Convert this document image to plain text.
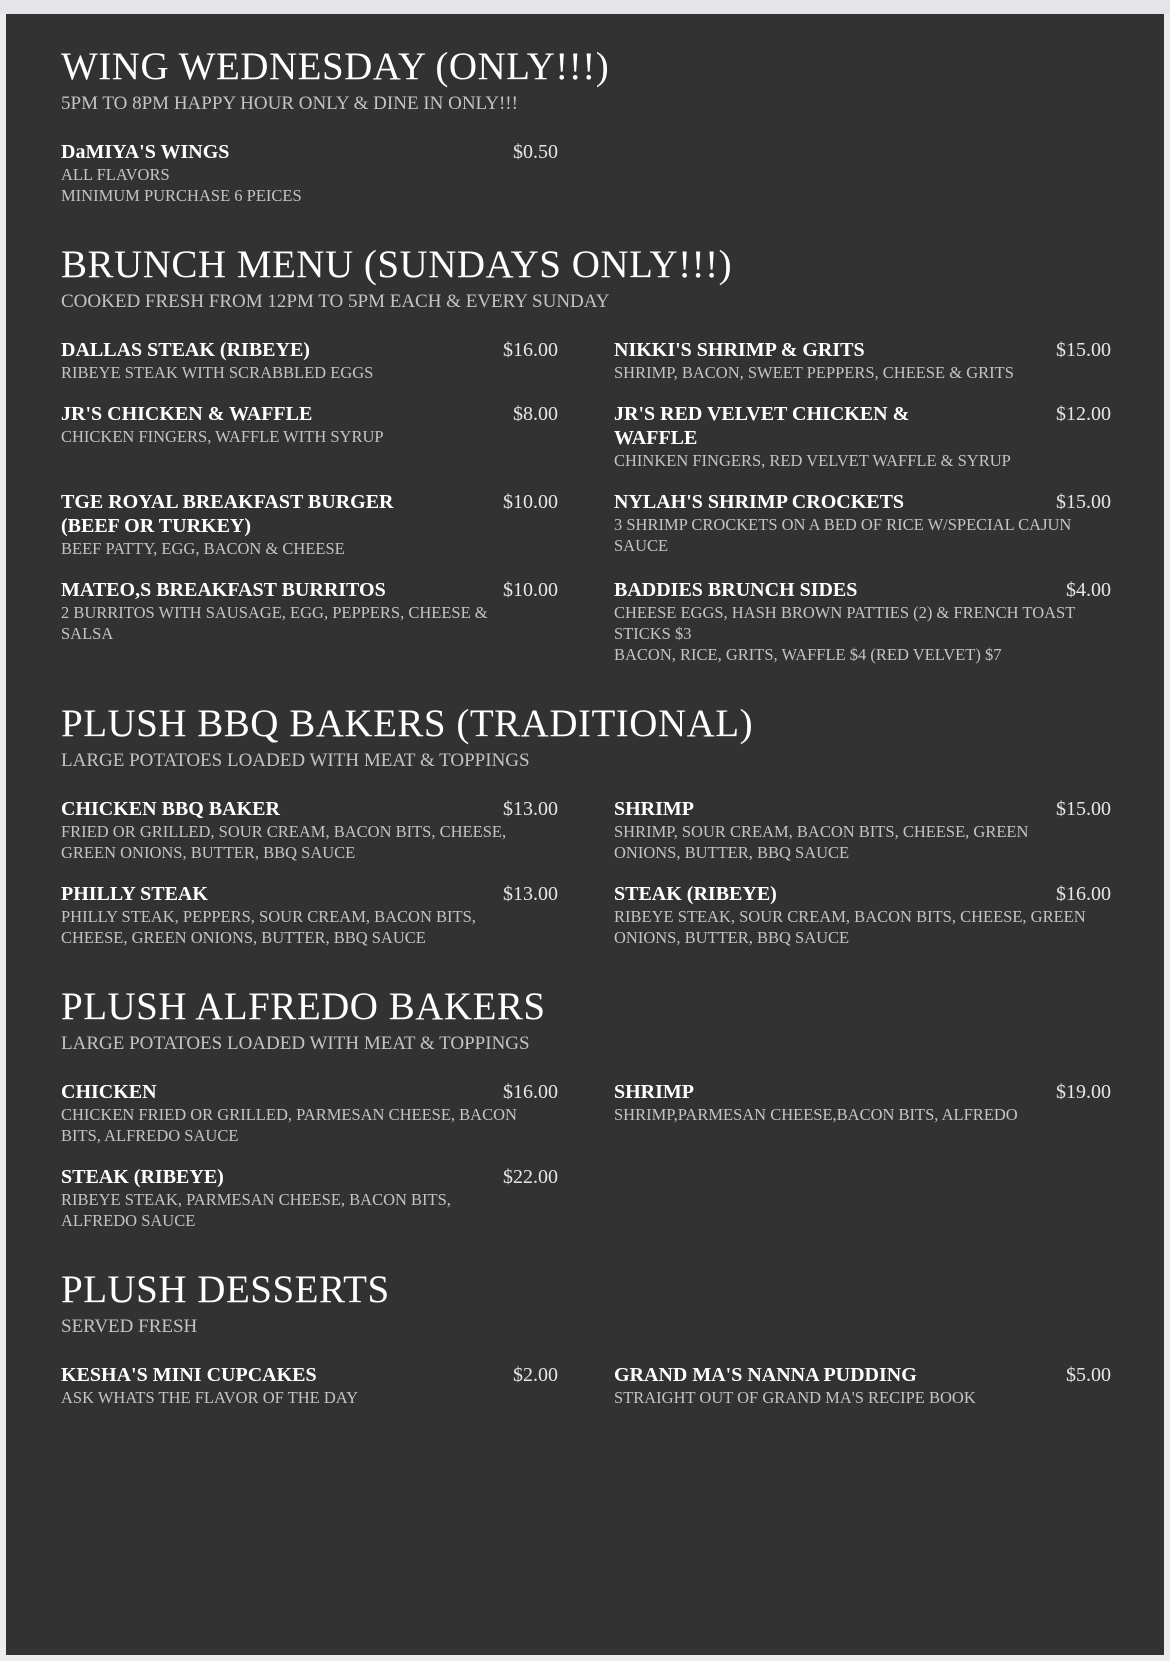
WING WEDNESDAY (ONLY!!!)
5PM TO 8PM HAPPY HOUR ONLY & DINE IN ONLY!!!
DaMIYA'S WINGS	$0.50
ALL FLAVORS
MINIMUM PURCHASE 6 PEICES
BRUNCH MENU (SUNDAYS ONLY!!!)
COOKED FRESH FROM 12PM TO 5PM EACH & EVERY SUNDAY
DALLAS STEAK (RIBEYE)	$16.00
RIBEYE STEAK WITH SCRABBLED EGGS
NIKKI'S SHRIMP & GRITS	$15.00
SHRIMP, BACON, SWEET PEPPERS, CHEESE & GRITS
JR'S CHICKEN & WAFFLE	$8.00
CHICKEN FINGERS, WAFFLE WITH SYRUP
JR'S RED VELVET CHICKEN & WAFFLE
$12.00
CHINKEN FINGERS, RED VELVET WAFFLE & SYRUP
TGE ROYAL BREAKFAST BURGER (BEEF OR TURKEY)
$10.00
BEEF PATTY, EGG, BACON & CHEESE
NYLAH'S SHRIMP CROCKETS	$15.00
3 SHRIMP CROCKETS ON A BED OF RICE W/SPECIAL CAJUN SAUCE
MATEO,S BREAKFAST BURRITOS	$10.00
2 BURRITOS WITH SAUSAGE, EGG, PEPPERS, CHEESE & SALSA
BADDIES BRUNCH SIDES	$4.00
CHEESE EGGS, HASH BROWN PATTIES (2) & FRENCH TOAST STICKS $3
BACON, RICE, GRITS, WAFFLE $4 (RED VELVET) $7
PLUSH BBQ BAKERS (TRADITIONAL)
LARGE POTATOES LOADED WITH MEAT & TOPPINGS
CHICKEN BBQ BAKER	$13.00
FRIED OR GRILLED, SOUR CREAM, BACON BITS, CHEESE, GREEN ONIONS, BUTTER, BBQ SAUCE
SHRIMP	$15.00
SHRIMP, SOUR CREAM, BACON BITS, CHEESE, GREEN ONIONS, BUTTER, BBQ SAUCE
PHILLY STEAK	$13.00
PHILLY STEAK, PEPPERS, SOUR CREAM, BACON BITS, CHEESE, GREEN ONIONS, BUTTER, BBQ SAUCE
STEAK (RIBEYE)	$16.00
RIBEYE STEAK, SOUR CREAM, BACON BITS, CHEESE, GREEN ONIONS, BUTTER, BBQ SAUCE
PLUSH ALFREDO BAKERS
LARGE POTATOES LOADED WITH MEAT & TOPPINGS
CHICKEN	$16.00
CHICKEN FRIED OR GRILLED, PARMESAN CHEESE, BACON BITS, ALFREDO SAUCE
SHRIMP	$19.00
SHRIMP,PARMESAN CHEESE,BACON BITS, ALFREDO
STEAK (RIBEYE)	$22.00
RIBEYE STEAK, PARMESAN CHEESE, BACON BITS, ALFREDO SAUCE
PLUSH DESSERTS
SERVED FRESH
KESHA'S MINI CUPCAKES	$2.00
ASK WHATS THE FLAVOR OF THE DAY
GRAND MA'S NANNA PUDDING	$5.00
STRAIGHT OUT OF GRAND MA'S RECIPE BOOK
